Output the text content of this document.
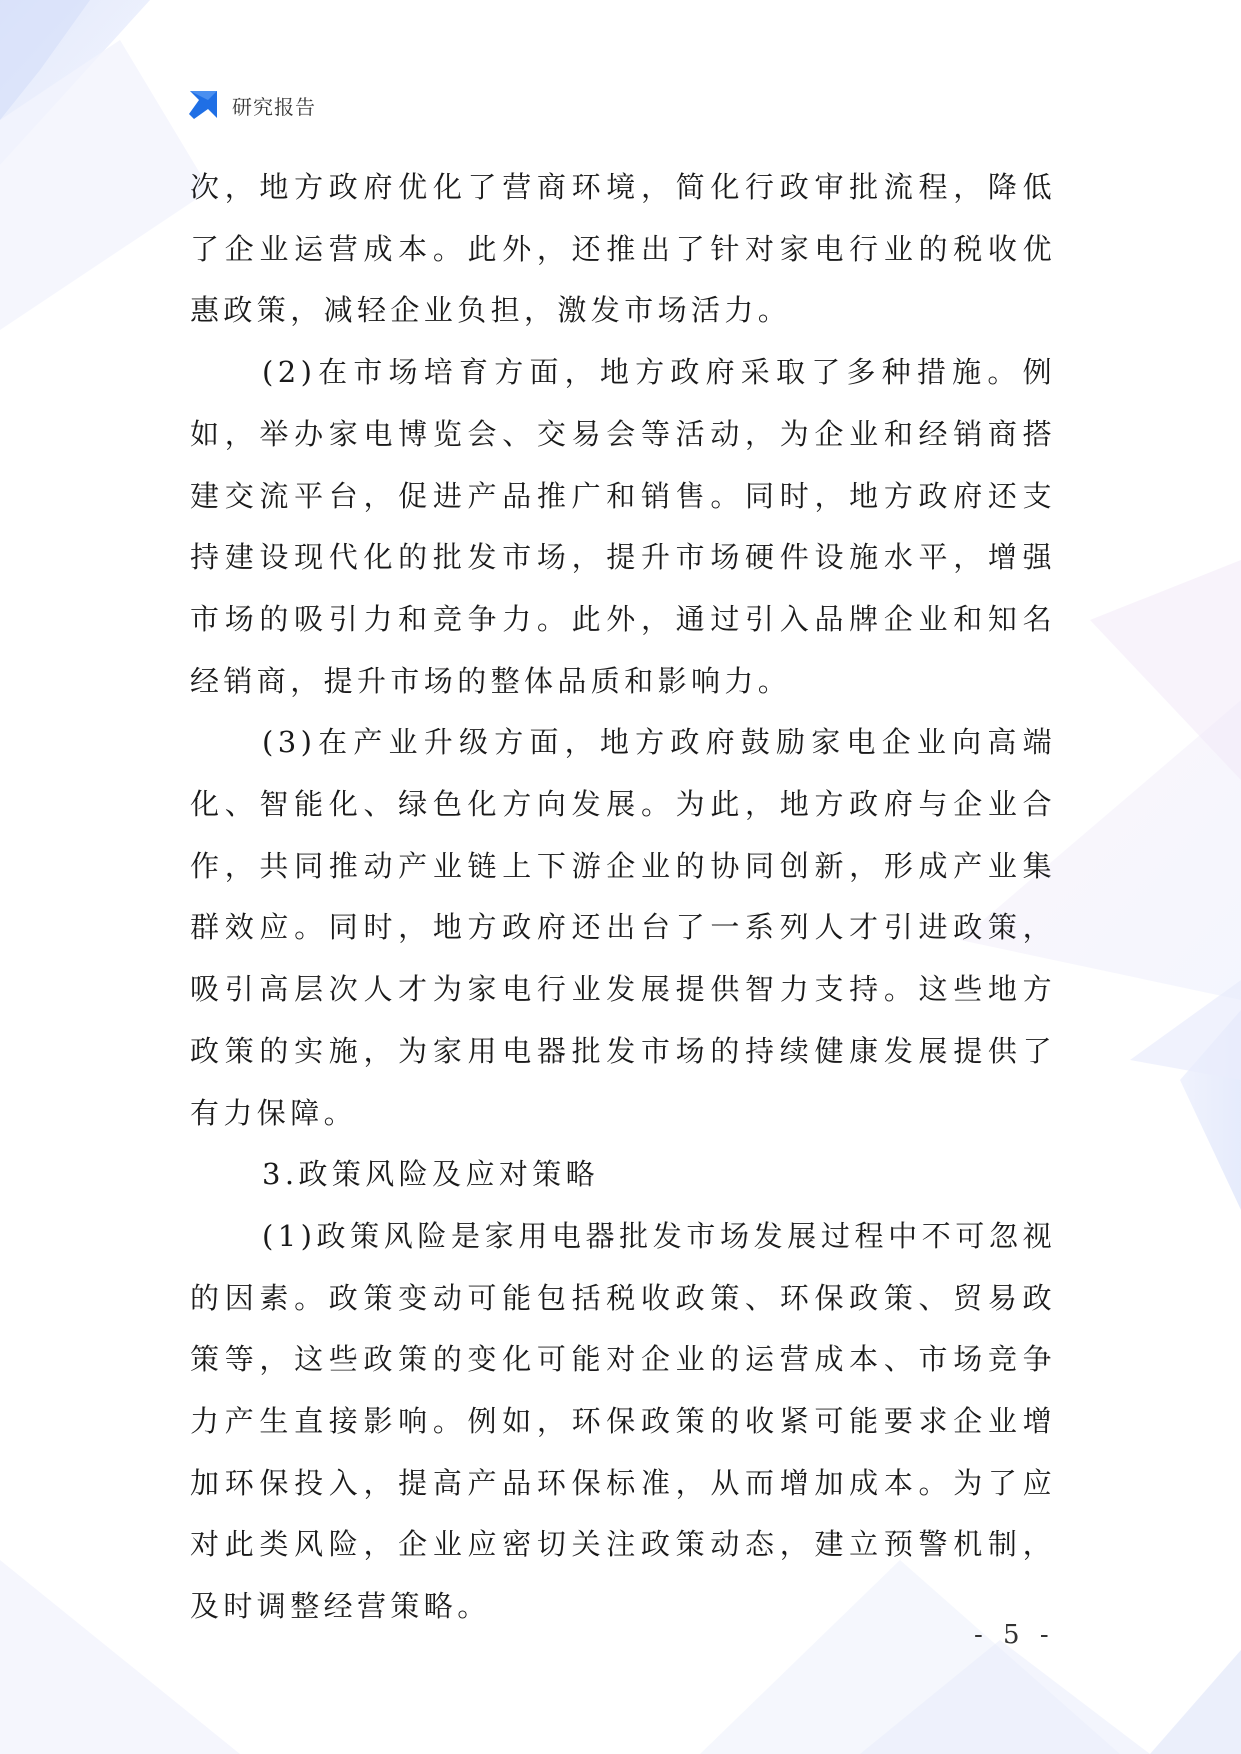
研究报告

次，地方政府优化了营商环境，简化行政审批流程，降低了企业运营成本。此外，还推出了针对家电行业的税收优惠政策，减轻企业负担，激发市场活力。

(2)在市场培育方面，地方政府采取了多种措施。例如，举办家电博览会、交易会等活动，为企业和经销商搭建交流平台，促进产品推广和销售。同时，地方政府还支持建设现代化的批发市场，提升市场硬件设施水平，增强市场的吸引力和竞争力。此外，通过引入品牌企业和知名经销商，提升市场的整体品质和影响力。

(3)在产业升级方面，地方政府鼓励家电企业向高端化、智能化、绿色化方向发展。为此，地方政府与企业合作，共同推动产业链上下游企业的协同创新，形成产业集群效应。同时，地方政府还出台了一系列人才引进政策，吸引高层次人才为家电行业发展提供智力支持。这些地方政策的实施，为家用电器批发市场的持续健康发展提供了有力保障。

3.政策风险及应对策略

(1)政策风险是家用电器批发市场发展过程中不可忽视的因素。政策变动可能包括税收政策、环保政策、贸易政策等，这些政策的变化可能对企业的运营成本、市场竞争力产生直接影响。例如，环保政策的收紧可能要求企业增加环保投入，提高产品环保标准，从而增加成本。为了应对此类风险，企业应密切关注政策动态，建立预警机制，及时调整经营策略。

- 5 -
